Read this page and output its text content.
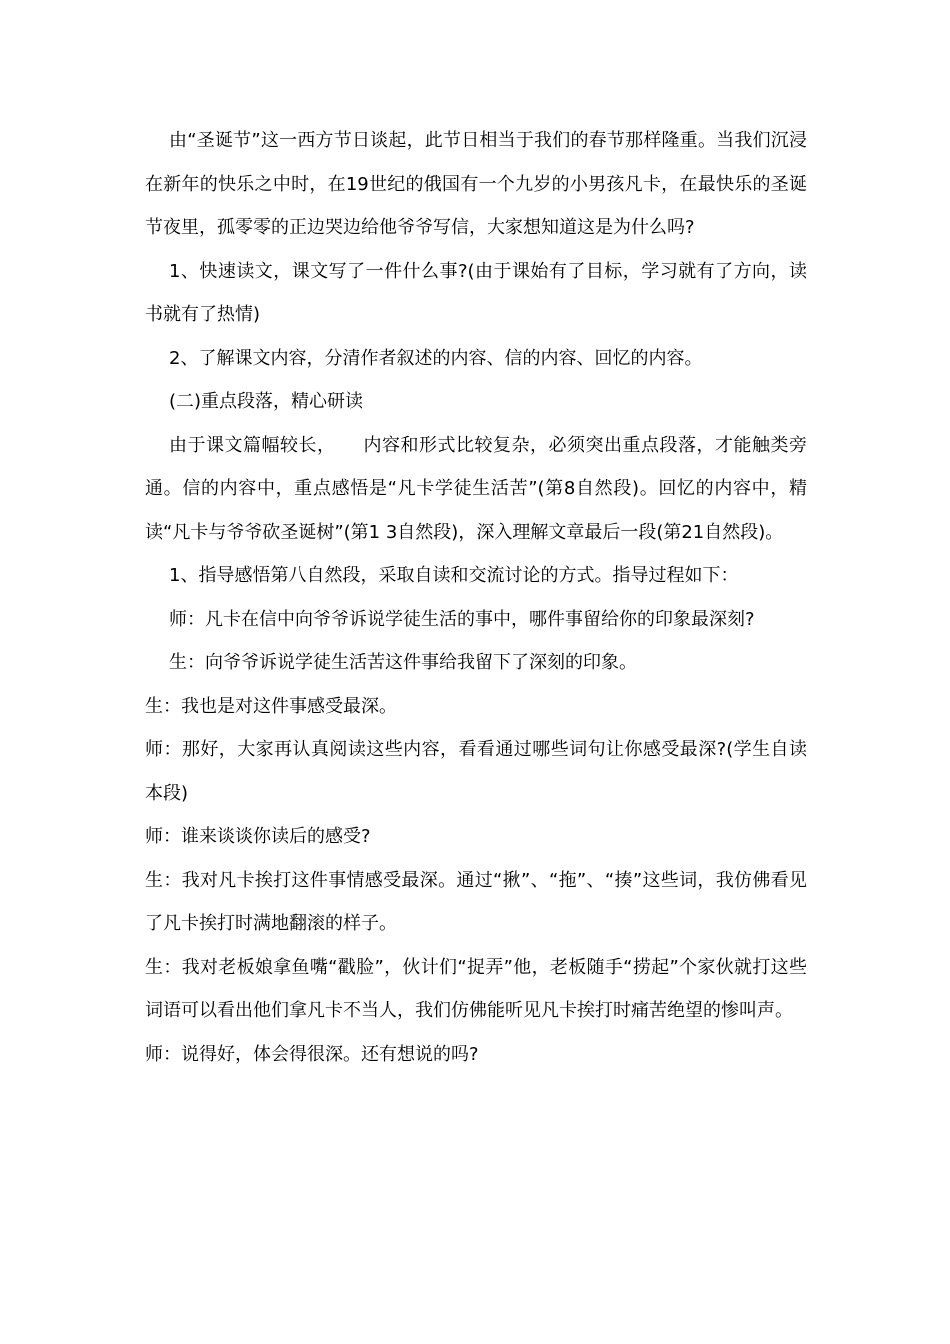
由“圣诞节”这一西方节日谈起，此节日相当于我们的春节那样隆重。当我们沉浸在新年的快乐之中时，在19世纪的俄国有一个九岁的小男孩凡卡，在最快乐的圣诞节夜里，孤零零的正边哭边给他爷爷写信，大家想知道这是为什么吗?

1、快速读文，课文写了一件什么事?(由于课始有了目标，学习就有了方向，读书就有了热情)

2、了解课文内容，分清作者叙述的内容、信的内容、回忆的内容。

(二)重点段落，精心研读

由于课文篇幅较长，　　内容和形式比较复杂，必须突出重点段落，才能触类旁通。信的内容中，重点感悟是“凡卡学徒生活苦”(第8自然段)。回忆的内容中，精读“凡卡与爷爷砍圣诞树”(第1 3自然段)，深入理解文章最后一段(第21自然段)。

1、指导感悟第八自然段，采取自读和交流讨论的方式。指导过程如下：

师：凡卡在信中向爷爷诉说学徒生活的事中，哪件事留给你的印象最深刻?

生：向爷爷诉说学徒生活苦这件事给我留下了深刻的印象。

生：我也是对这件事感受最深。

师：那好，大家再认真阅读这些内容，看看通过哪些词句让你感受最深?(学生自读本段)

师：谁来谈谈你读后的感受?

生：我对凡卡挨打这件事情感受最深。通过“揪”、“拖”、“揍”这些词，我仿佛看见了凡卡挨打时满地翻滚的样子。

生：我对老板娘拿鱼嘴“戳脸”，伙计们“捉弄”他，老板随手“捞起”个家伙就打这些词语可以看出他们拿凡卡不当人，我们仿佛能听见凡卡挨打时痛苦绝望的惨叫声。

师：说得好，体会得很深。还有想说的吗?
